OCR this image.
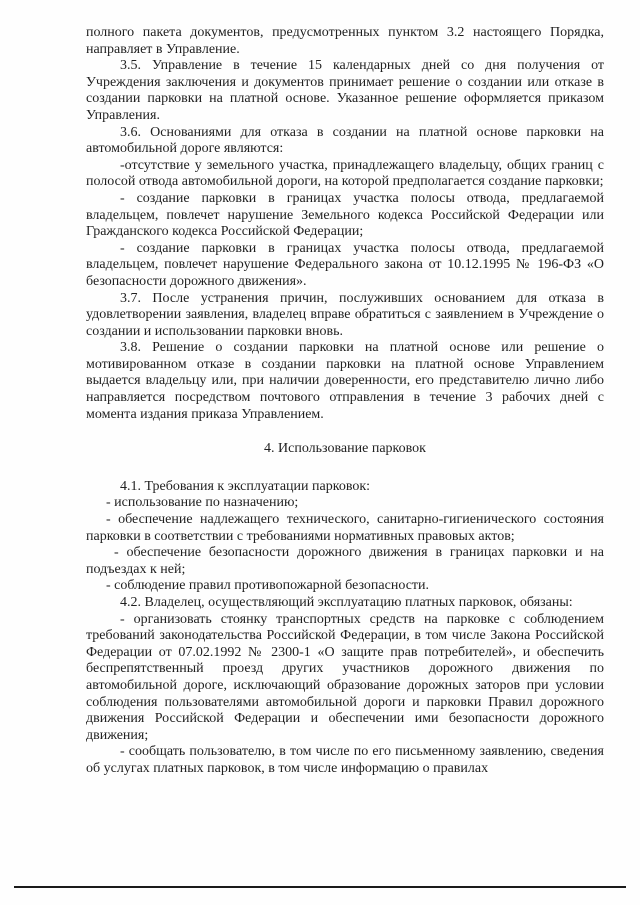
полного пакета документов, предусмотренных пунктом 3.2 настоящего Порядка, направляет в Управление.

3.5. Управление в течение 15 календарных дней со дня получения от Учреждения заключения и документов принимает решение о создании или отказе в создании парковки на платной основе. Указанное решение оформляется приказом Управления.

3.6. Основаниями для отказа в создании на платной основе парковки на автомобильной дороге являются:

-отсутствие у земельного участка, принадлежащего владельцу, общих границ с полосой отвода автомобильной дороги, на которой предполагается создание парковки;

- создание парковки в границах участка полосы отвода, предлагаемой владельцем, повлечет нарушение Земельного кодекса Российской Федерации или Гражданского кодекса Российской Федерации;

- создание парковки в границах участка полосы отвода, предлагаемой владельцем, повлечет нарушение Федерального закона от 10.12.1995 № 196-ФЗ «О безопасности дорожного движения».

3.7. После устранения причин, послуживших основанием для отказа в удовлетворении заявления, владелец вправе обратиться с заявлением в Учреждение о создании и использовании парковки вновь.

3.8. Решение о создании парковки на платной основе или решение о мотивированном отказе в создании парковки на платной основе Управлением выдается владельцу или, при наличии доверенности, его представителю лично либо направляется посредством почтового отправления в течение 3 рабочих дней с момента издания приказа Управлением.

4. Использование парковок

4.1. Требования к эксплуатации парковок:

- использование по назначению;

- обеспечение надлежащего технического, санитарно-гигиенического состояния парковки в соответствии с требованиями нормативных правовых актов;

- обеспечение безопасности дорожного движения в границах парковки и на подъездах к ней;

- соблюдение правил противопожарной безопасности.

4.2. Владелец, осуществляющий эксплуатацию платных парковок, обязаны:

- организовать стоянку транспортных средств на парковке с соблюдением требований законодательства Российской Федерации, в том числе Закона Российской Федерации от 07.02.1992 № 2300-1 «О защите прав потребителей», и обеспечить беспрепятственный проезд других участников дорожного движения по автомобильной дороге, исключающий образование дорожных заторов при условии соблюдения пользователями автомобильной дороги и парковки Правил дорожного движения Российской Федерации и обеспечении ими безопасности дорожного движения;

- сообщать пользователю, в том числе по его письменному заявлению, сведения об услугах платных парковок, в том числе информацию о правилах
